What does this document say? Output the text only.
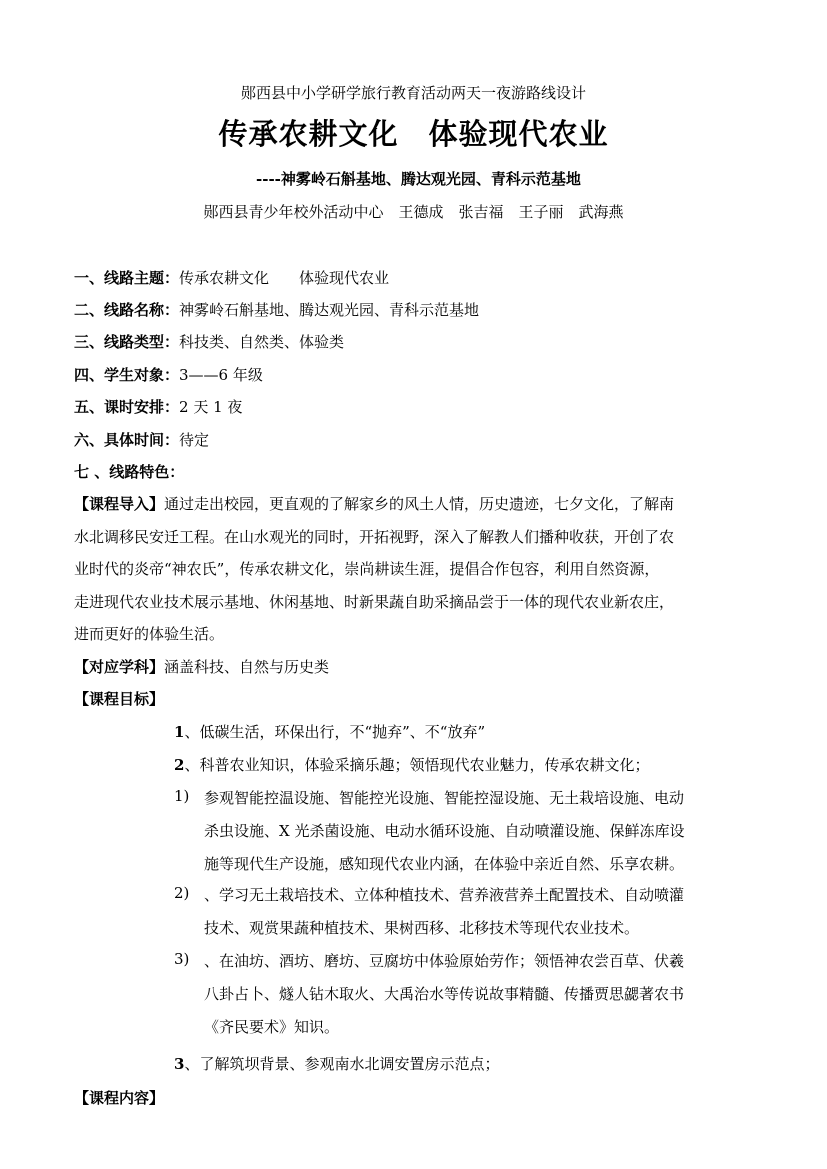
郧西县中小学研学旅行教育活动两天一夜游路线设计
传承农耕文化　体验现代农业
----神雾岭石斛基地、腾达观光园、青科示范基地
郧西县青少年校外活动中心　王德成　张吉福　王子丽　武海燕
一、线路主题：传承农耕文化　　体验现代农业
二、线路名称：神雾岭石斛基地、腾达观光园、青科示范基地
三、线路类型：科技类、自然类、体验类
四、学生对象：3——6 年级
五、课时安排：2 天 1 夜
六、具体时间：待定
七 、线路特色：
【课程导入】通过走出校园，更直观的了解家乡的风土人情，历史遗迹，七夕文化，了解南
水北调移民安迁工程。在山水观光的同时，开拓视野，深入了解教人们播种收获，开创了农
业时代的炎帝“神农氏”，传承农耕文化，崇尚耕读生涯，提倡合作包容，利用自然资源，
走进现代农业技术展示基地、休闲基地、时新果蔬自助采摘品尝于一体的现代农业新农庄，
进而更好的体验生活。
【对应学科】涵盖科技、自然与历史类
【课程目标】
1、低碳生活，环保出行，不“抛弃”、不“放弃”
2、科普农业知识，体验采摘乐趣；领悟现代农业魅力，传承农耕文化；
1) 参观智能控温设施、智能控光设施、智能控湿设施、无土栽培设施、电动
杀虫设施、X 光杀菌设施、电动水循环设施、自动喷灌设施、保鲜冻库设
施等现代生产设施，感知现代农业内涵，在体验中亲近自然、乐享农耕。
2) 、学习无土栽培技术、立体种植技术、营养液营养土配置技术、自动喷灌
技术、观赏果蔬种植技术、果树西移、北移技术等现代农业技术。
3) 、在油坊、酒坊、磨坊、豆腐坊中体验原始劳作；领悟神农尝百草、伏羲
八卦占卜、燧人钻木取火、大禹治水等传说故事精髓、传播贾思勰著农书
《齐民要术》知识。
3、了解筑坝背景、参观南水北调安置房示范点；
【课程内容】
